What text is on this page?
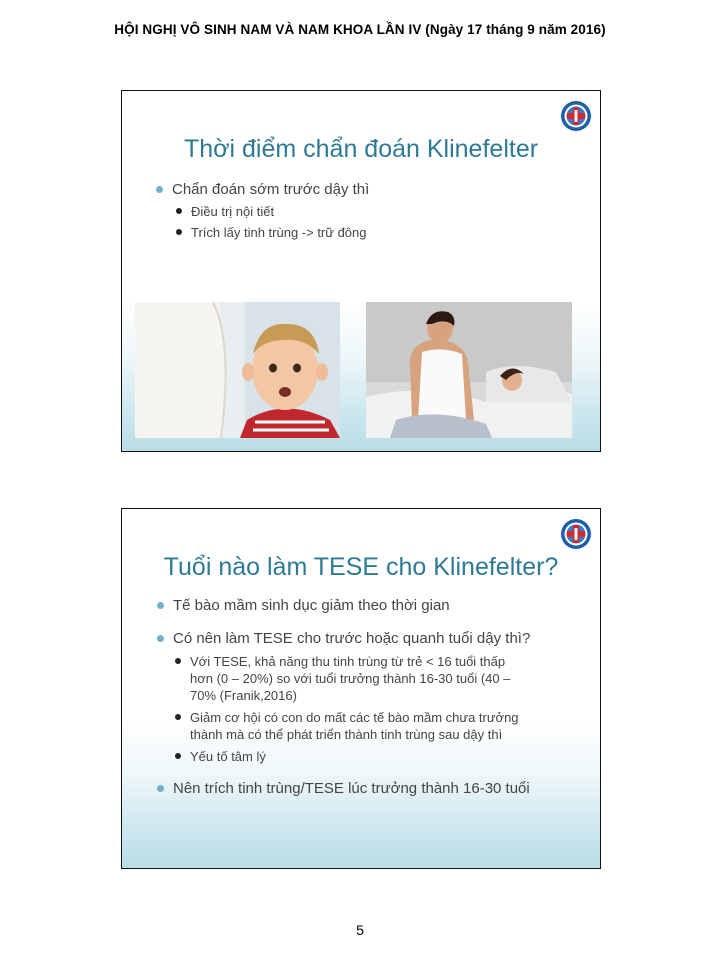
HỘI NGHỊ VÔ SINH NAM VÀ NAM KHOA LẦN IV (Ngày 17 tháng 9 năm 2016)
Thời điểm chẩn đoán Klinefelter
Chẩn đoán sớm trước dậy thì
Điều trị nội tiết
Trích lấy tinh trùng -> trữ đông
Tuổi nào làm TESE cho Klinefelter?
Tế bào mầm sinh dục giảm theo thời gian
Có nên làm TESE cho trước hoặc quanh tuổi dậy thì?
Với TESE, khả năng thu tinh trùng từ trẻ < 16 tuổi thấp
hơn (0 – 20%) so với tuổi trưởng thành 16-30 tuổi (40 –
70% (Franik,2016)
Giảm cơ hội có con do mất các tế bào mầm chưa trưởng
thành mà có thể phát triển thành tinh trùng sau dậy thì
Yếu tố tâm lý
Nên trích tinh trùng/TESE lúc trưởng thành 16-30 tuổi
5
